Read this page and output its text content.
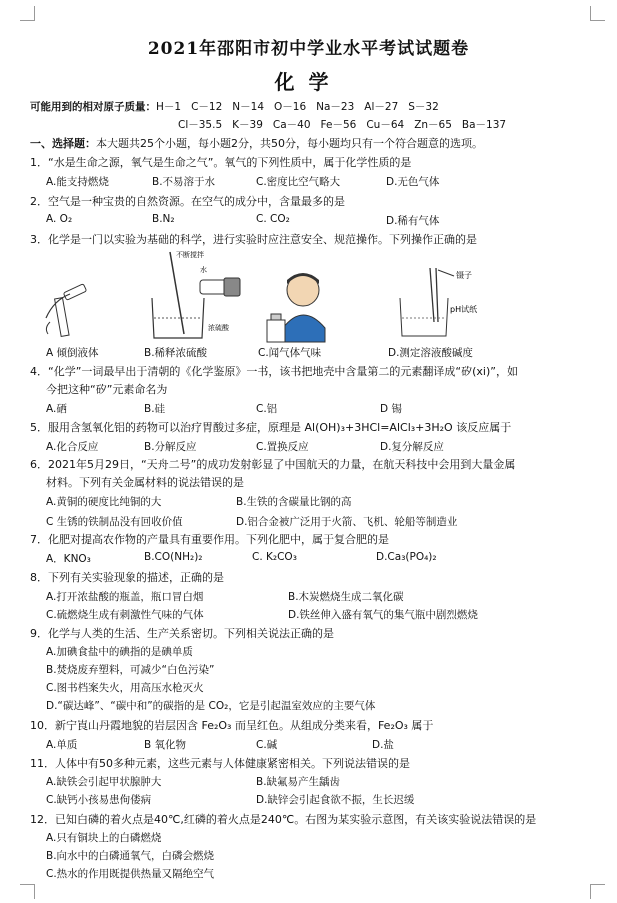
2021年邵阳市初中学业水平考试试题卷
化学
可能用到的相对原子质量：H－1 C－12 N－14 O－16 Na－23 Al－27 S－32
Cl－35.5 K－39 Ca－40 Fe－56 Cu－64 Zn－65 Ba－137
一、选择题：本大题共25个小题，每小题2分，共50分，每小题均只有一个符合题意的选项。
1．“水是生命之源，氧气是生命之气”。氧气的下列性质中，属于化学性质的是
A.能支持燃烧	B.不易溶于水	C.密度比空气略大	D.无色气体
2．空气是一种宝贵的自然资源。在空气的成分中，含量最多的是
A. O₂	B.N₂	C. CO₂	D.稀有气体
3．化学是一门以实验为基础的科学，进行实验时应注意安全、规范操作。下列操作正确的是
不断搅拌
水
浓硫酸
镊子
pH试纸
A 倾倒液体	B.稀释浓硫酸	C.闻气体气味	D.测定溶液酸碱度
4．“化学”一词最早出于清朝的《化学鉴原》一书，该书把地壳中含量第二的元素翻译成“矽(xi)”，如
今把这种“矽”元素命名为
A.硒	B.硅	C.铝	D 锡
5．服用含氢氧化铝的药物可以治疗胃酸过多症，原理是 Al(OH)₃+3HCl=AlCl₃+3H₂O 该反应属于
A.化合反应	B.分解反应	C.置换反应	D.复分解反应
6．2021年5月29日，“天舟二号”的成功发射彰显了中国航天的力量，在航天科技中会用到大量金属
材料。下列有关金属材料的说法错误的是
A.黄铜的硬度比纯铜的大	B.生铁的含碳量比钢的高
C 生锈的铁制品没有回收价值	D.铝合金被广泛用于火箭、飞机、轮船等制造业
7．化肥对提高农作物的产量具有重要作用。下列化肥中，属于复合肥的是
A．KNO₃	B.CO(NH₂)₂	C. K₂CO₃	D.Ca₃(PO₄)₂
8．下列有关实验现象的描述，正确的是
A.打开浓盐酸的瓶盖，瓶口冒白烟	B.木炭燃烧生成二氧化碳
C.硫燃烧生成有刺激性气味的气体	D.铁丝伸入盛有氧气的集气瓶中剧烈燃烧
9．化学与人类的生活、生产关系密切。下列相关说法正确的是
A.加碘食盐中的碘指的是碘单质
B.焚烧废弃塑料，可减少“白色污染”
C.图书档案失火，用高压水枪灭火
D.“碳达峰”、“碳中和”的碳指的是 CO₂，它是引起温室效应的主要气体
10．新宁崀山丹霞地貌的岩层因含 Fe₂O₃ 而呈红色。从组成分类来看，Fe₂O₃ 属于
A.单质	B 氧化物	C.碱	D.盐
11．人体中有50多种元素，这些元素与人体健康紧密相关。下列说法错误的是
A.缺铁会引起甲状腺肿大	B.缺氟易产生龋齿
C.缺钙小孩易患佝偻病	D.缺锌会引起食欲不振，生长迟缓
12．已知白磷的着火点是40℃,红磷的着火点是240℃。右图为某实验示意图，有关该实验说法错误的是
A.只有铜块上的白磷燃烧
B.向水中的白磷通氧气，白磷会燃烧
C.热水的作用既提供热量又隔绝空气
